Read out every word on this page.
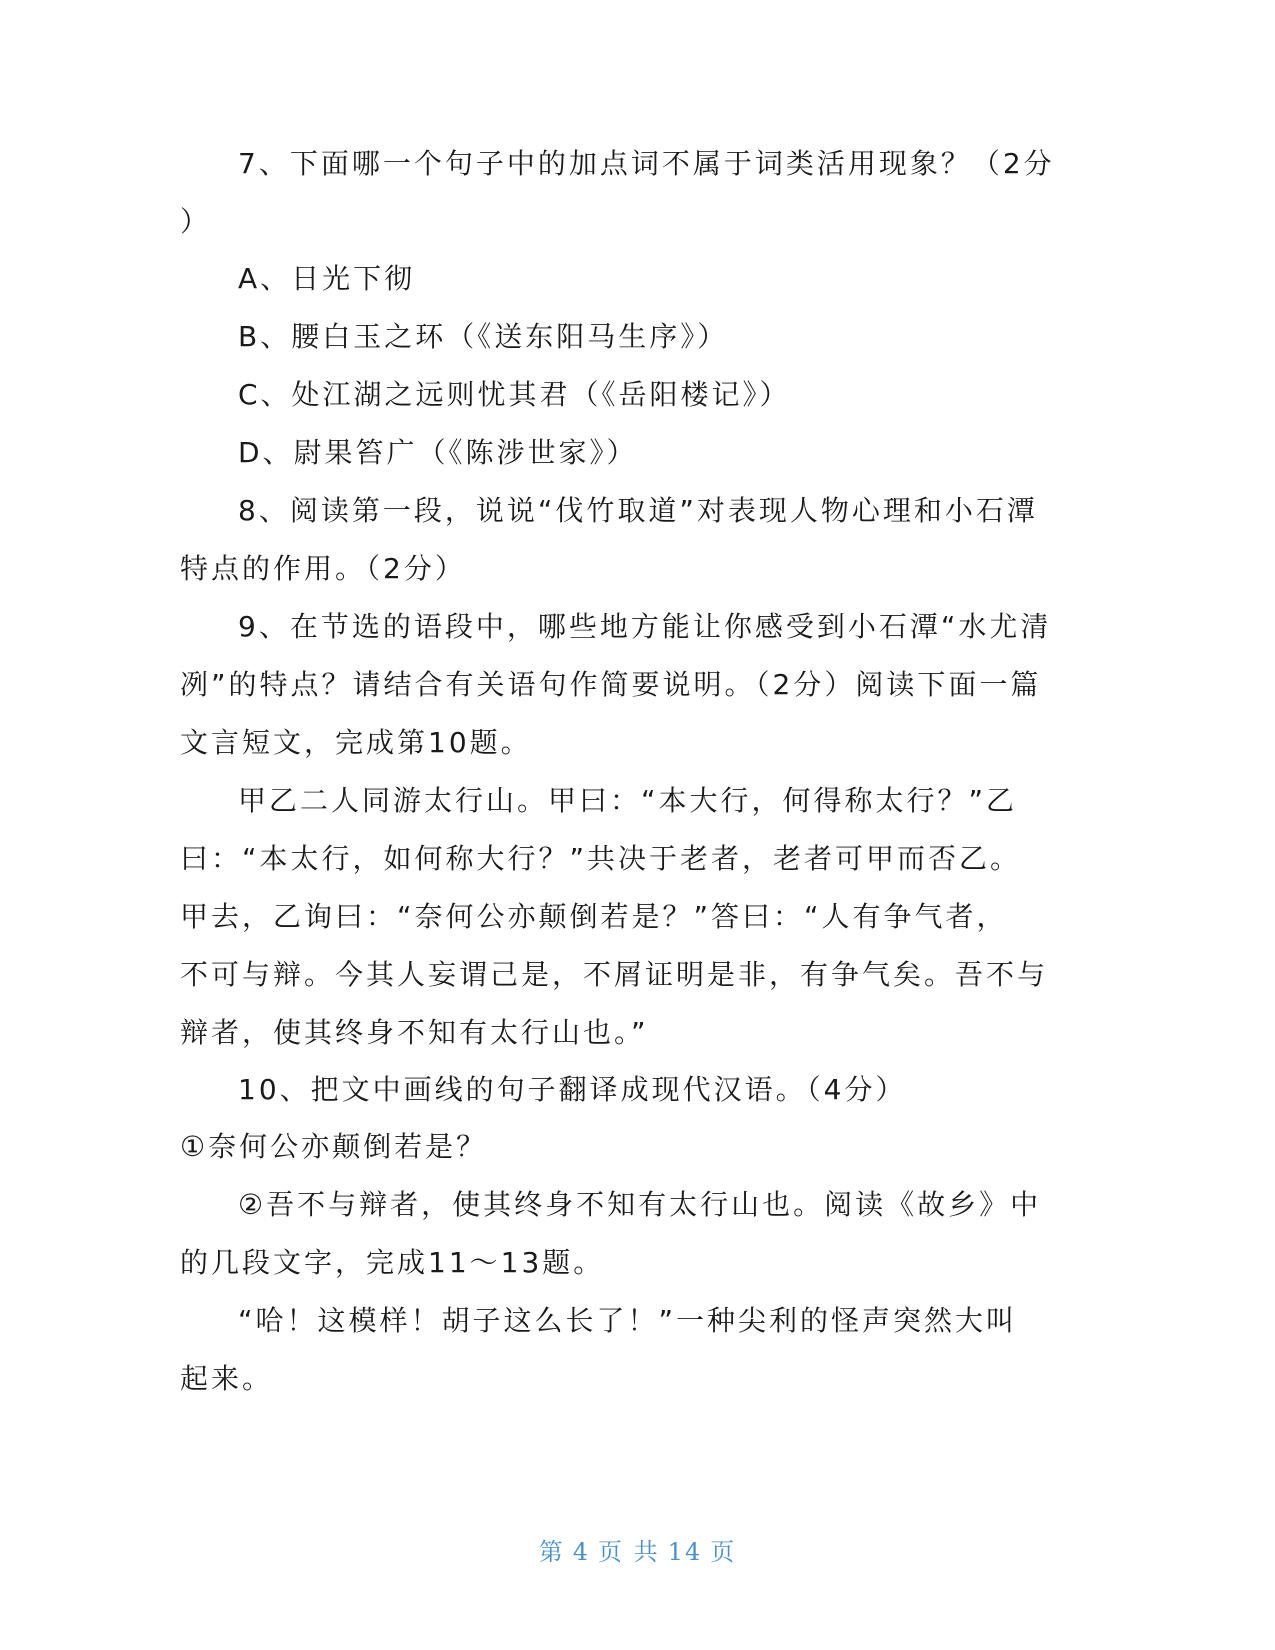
7、下面哪一个句子中的加点词不属于词类活用现象？（2分
）
A、日光下彻
B、腰白玉之环（《送东阳马生序》）
C、处江湖之远则忧其君（《岳阳楼记》）
D、尉果笞广（《陈涉世家》）
8、阅读第一段，说说“伐竹取道”对表现人物心理和小石潭
特点的作用。（2分）
9、在节选的语段中，哪些地方能让你感受到小石潭“水尤清
冽”的特点？请结合有关语句作简要说明。（2分）阅读下面一篇
文言短文，完成第10题。
甲乙二人同游太行山。甲曰：“本大行，何得称太行？”乙
曰：“本太行，如何称大行？”共决于老者，老者可甲而否乙。
甲去，乙询曰：“奈何公亦颠倒若是？”答曰：“人有争气者，
不可与辩。今其人妄谓己是，不屑证明是非，有争气矣。吾不与
辩者，使其终身不知有太行山也。”
10、把文中画线的句子翻译成现代汉语。（4分）
①奈何公亦颠倒若是？
②吾不与辩者，使其终身不知有太行山也。阅读《故乡》中
的几段文字，完成11～13题。
“哈！这模样！胡子这么长了！”一种尖利的怪声突然大叫
起来。
第 4 页 共 14 页
